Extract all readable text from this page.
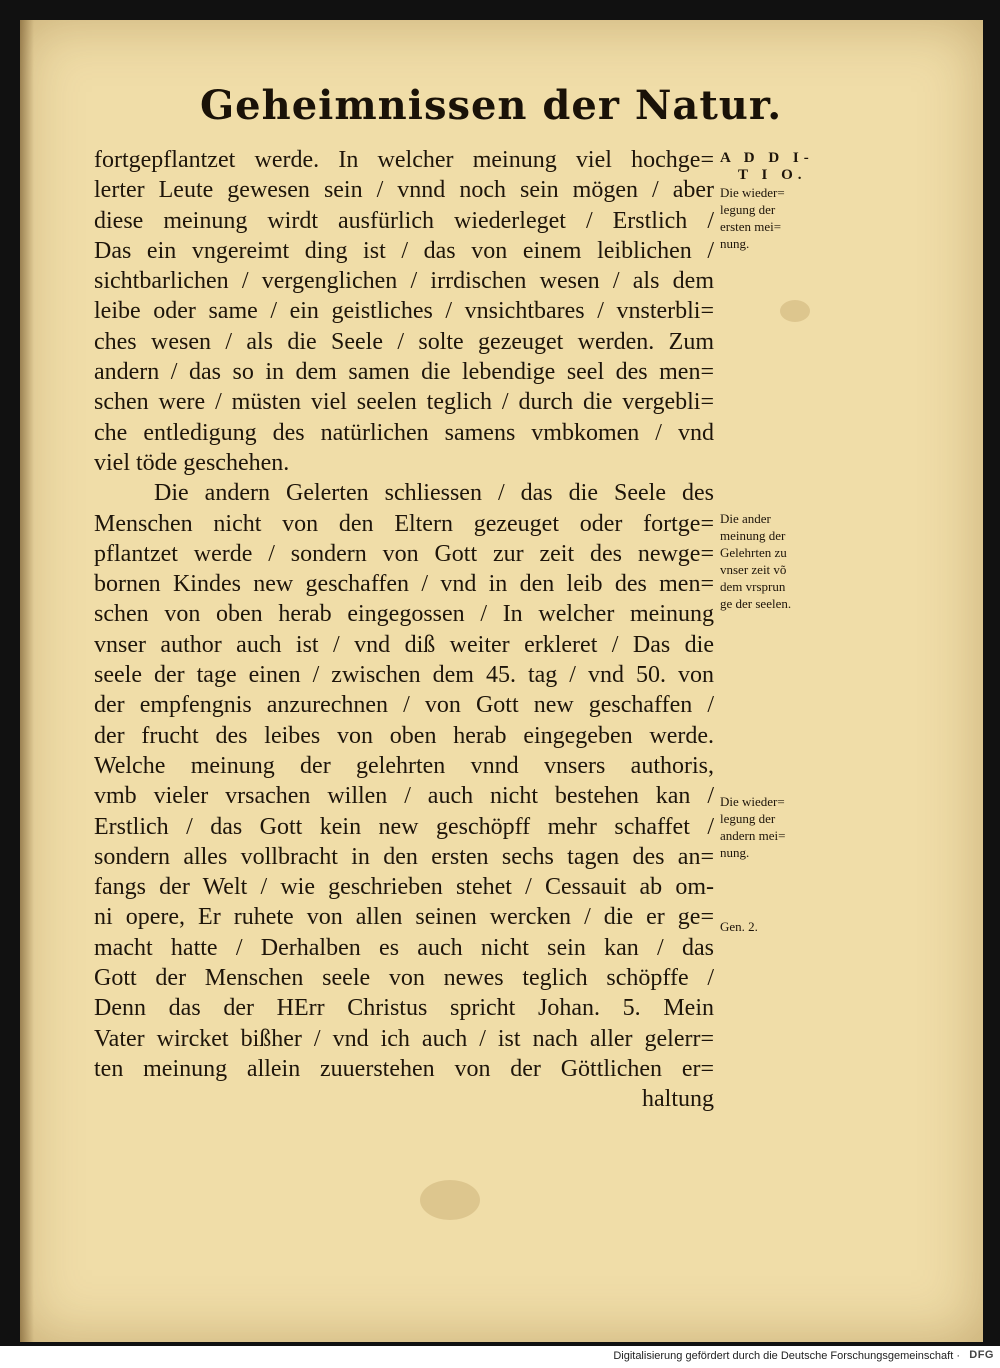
Geheimnissen der Natur.
fortgepflantzet werde. In welcher meinung viel hochge=
lerter Leute gewesen sein / vnnd noch sein mögen / aber
diese meinung wirdt ausfürlich wiederleget / Erstlich /
Das ein vngereimt ding ist / das von einem leiblichen /
sichtbarlichen / vergenglichen / irrdischen wesen / als dem
leibe oder same / ein geistliches / vnsichtbares / vnsterbli=
ches wesen / als die Seele / solte gezeuget werden. Zum
andern / das so in dem samen die lebendige seel des men=
schen were / müsten viel seelen teglich / durch die vergebli=
che entledigung des natürlichen samens vmbkomen / vnd
viel töde geschehen.
Die andern Gelerten schliessen / das die Seele des
Menschen nicht von den Eltern gezeuget oder fortge=
pflantzet werde / sondern von Gott zur zeit des newge=
bornen Kindes new geschaffen / vnd in den leib des men=
schen von oben herab eingegossen / In welcher meinung
vnser author auch ist / vnd diß weiter erkleret / Das die
seele der tage einen / zwischen dem 45. tag / vnd 50. von
der empfengnis anzurechnen / von Gott new geschaffen /
der frucht des leibes von oben herab eingegeben werde.
Welche meinung der gelehrten vnnd vnsers authoris,
vmb vieler vrsachen willen / auch nicht bestehen kan /
Erstlich / das Gott kein new geschöpff mehr schaffet /
sondern alles vollbracht in den ersten sechs tagen des an=
fangs der Welt / wie geschrieben stehet / Cessauit ab om-
ni opere, Er ruhete von allen seinen wercken / die er ge=
macht hatte / Derhalben es auch nicht sein kan / das
Gott der Menschen seele von newes teglich schöpffe /
Denn das der HErr Christus spricht Johan. 5. Mein
Vater wircket bißher / vnd ich auch / ist nach aller gelerr=
ten meinung allein zuuerstehen von der Göttlichen er=
haltung
A D D I-
T I O.
Die wieder=
legung der
ersten mei=
nung.
Die ander
meinung der
Gelehrten zu
vnser zeit võ
dem vrsprun
ge der seelen.
Die wieder=
legung der
andern mei=
nung.
Gen. 2.
Digitalisierung gefördert durch die Deutsche Forschungsgemeinschaft · DFG
